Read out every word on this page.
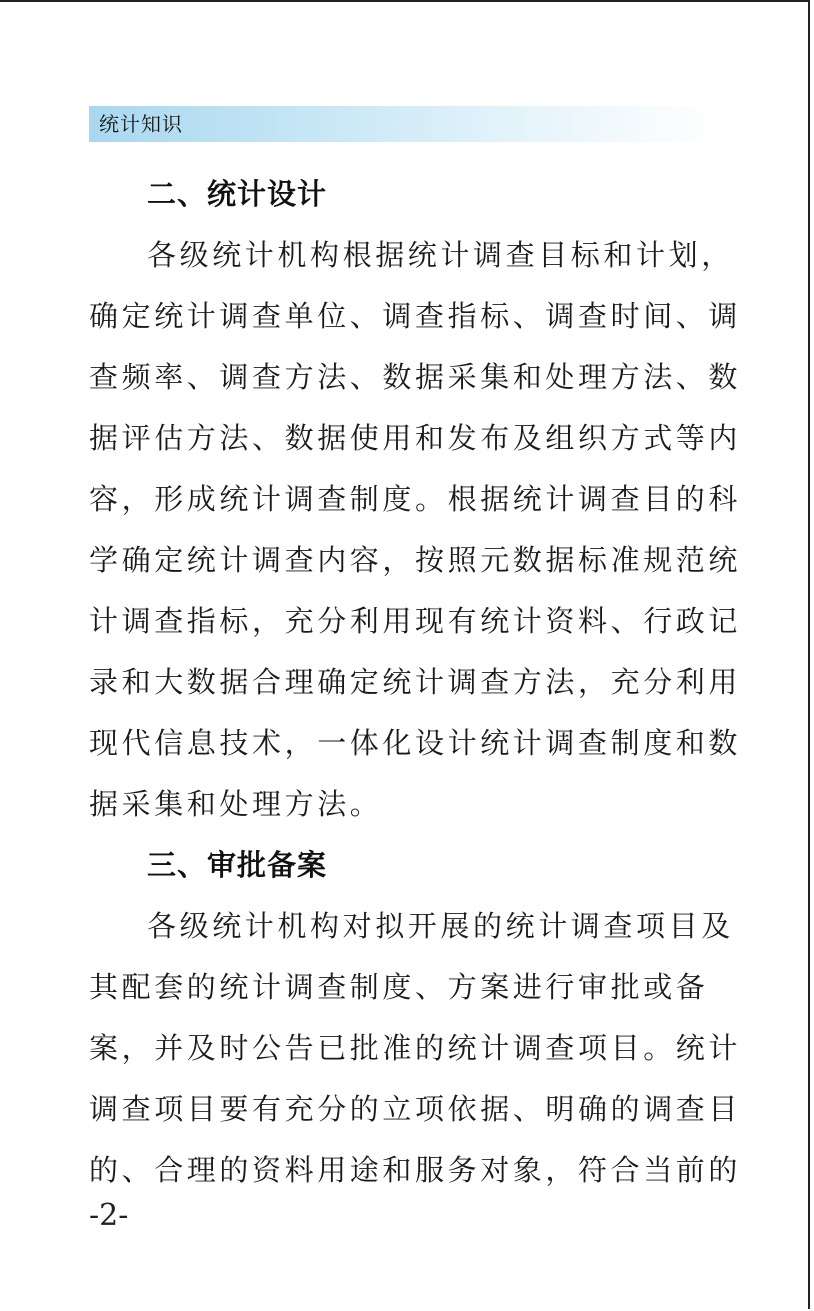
统计知识
二、统计设计
各级统计机构根据统计调查目标和计划，
确定统计调查单位、调查指标、调查时间、调
查频率、调查方法、数据采集和处理方法、数
据评估方法、数据使用和发布及组织方式等内
容，形成统计调查制度。根据统计调查目的科
学确定统计调查内容，按照元数据标准规范统
计调查指标，充分利用现有统计资料、行政记
录和大数据合理确定统计调查方法，充分利用
现代信息技术，一体化设计统计调查制度和数
据采集和处理方法。
三、审批备案
各级统计机构对拟开展的统计调查项目及
其配套的统计调查制度、方案进行审批或备
案，并及时公告已批准的统计调查项目。统计
调查项目要有充分的立项依据、明确的调查目
的、合理的资料用途和服务对象，符合当前的
-2-
